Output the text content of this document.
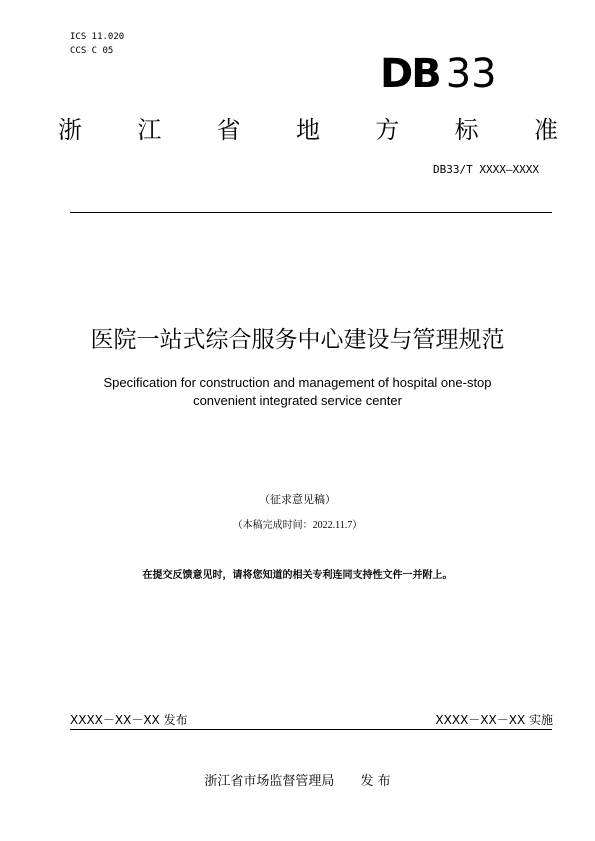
ICS 11.020
CCS C 05	DB 33
浙 江 省 地 方 标 准
DB33/T XXXX—XXXX
医院一站式综合服务中心建设与管理规范
Specification for construction and management of hospital one-stop convenient integrated service center
（征求意见稿）
（本稿完成时间：2022.11.7）
在提交反馈意见时，请将您知道的相关专利连同支持性文件一并附上。
XXXX－XX－XX 发布	XXXX－XX－XX 实施
浙江省市场监督管理局 发 布
